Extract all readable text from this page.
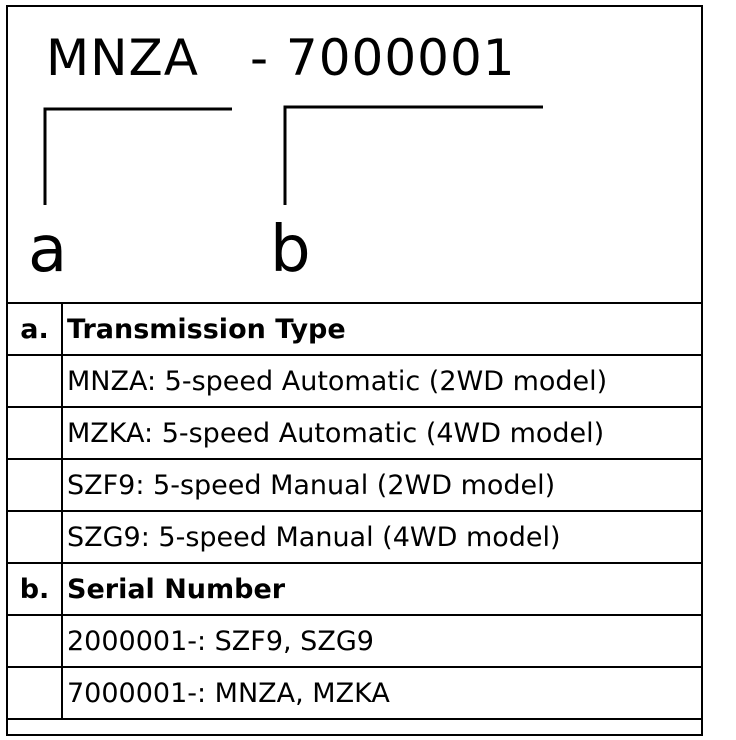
MNZA - 7000001
a	b
a.	Transmission Type
	MNZA: 5-speed Automatic (2WD model)
	MZKA: 5-speed Automatic (4WD model)
	SZF9: 5-speed Manual (2WD model)
	SZG9: 5-speed Manual (4WD model)
b.	Serial Number
	2000001-: SZF9, SZG9
	7000001-: MNZA, MZKA
